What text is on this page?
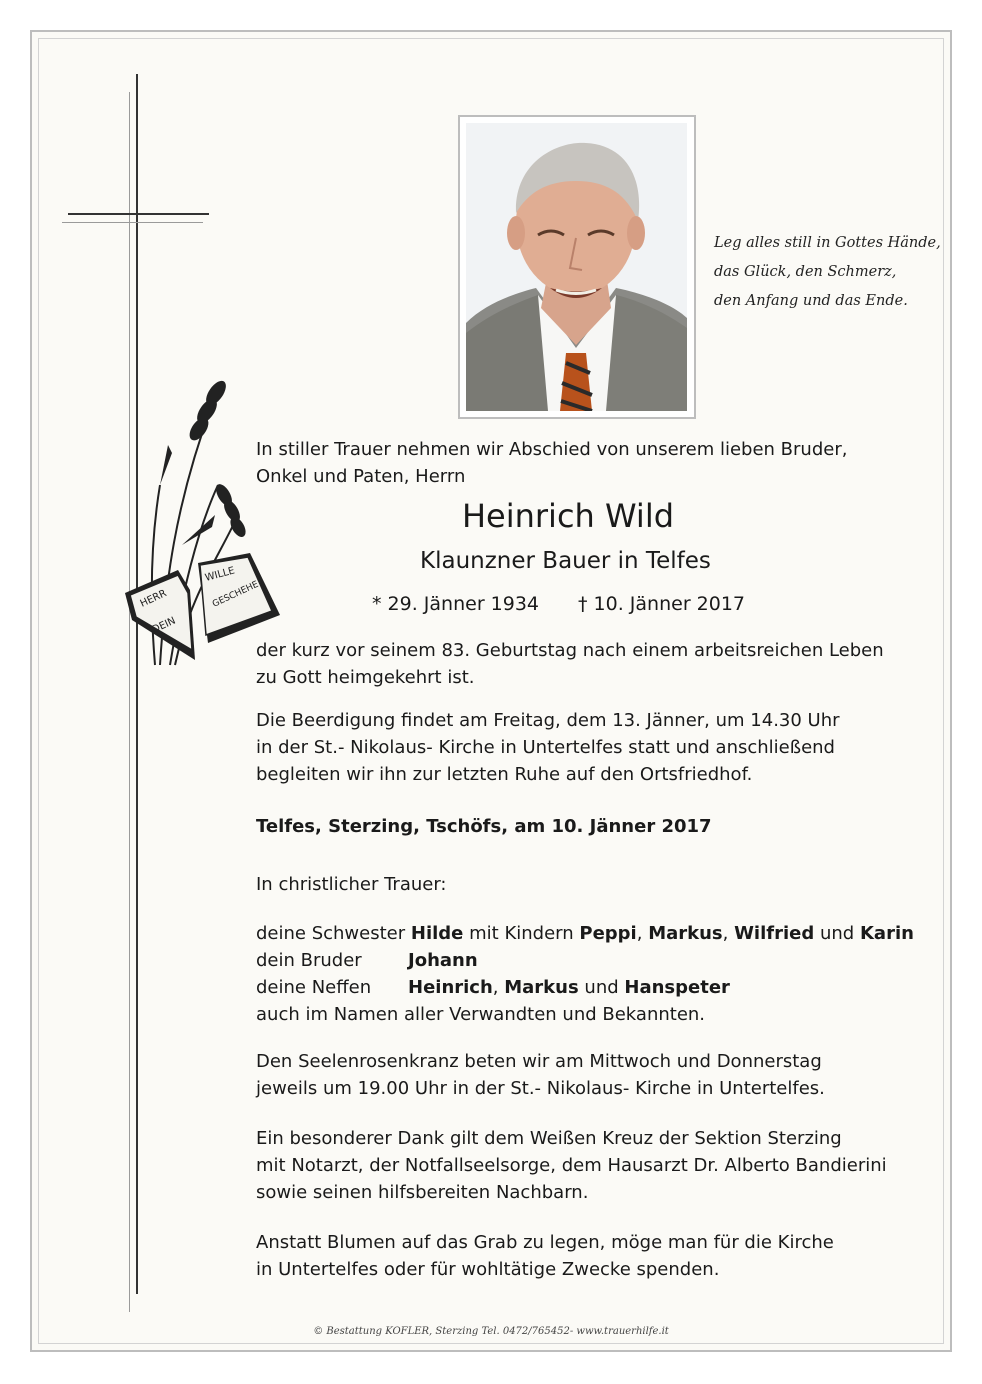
HERR
DEIN
WILLE
GESCHEHE
Leg alles still in Gottes Hände,
das Glück, den Schmerz,
den Anfang und das Ende.
In stiller Trauer nehmen wir Abschied von unserem lieben Bruder,
Onkel und Paten, Herrn
Heinrich Wild
Klaunzner Bauer in Telfes
* 29. Jänner 1934 † 10. Jänner 2017
der kurz vor seinem 83. Geburtstag nach einem arbeitsreichen Leben
zu Gott heimgekehrt ist.
Die Beerdigung findet am Freitag, dem 13. Jänner, um 14.30 Uhr
in der St.- Nikolaus- Kirche in Untertelfes statt und anschließend
begleiten wir ihn zur letzten Ruhe auf den Ortsfriedhof.
Telfes, Sterzing, Tschöfs, am 10. Jänner 2017
In christlicher Trauer:
deine Schwester Hilde mit Kindern Peppi, Markus, Wilfried und Karin
dein Bruder	Johann
deine Neffen Heinrich, Markus und Hanspeter
auch im Namen aller Verwandten und Bekannten.
Den Seelenrosenkranz beten wir am Mittwoch und Donnerstag
jeweils um 19.00 Uhr in der St.- Nikolaus- Kirche in Untertelfes.
Ein besonderer Dank gilt dem Weißen Kreuz der Sektion Sterzing
mit Notarzt, der Notfallseelsorge, dem Hausarzt Dr. Alberto Bandierini
sowie seinen hilfsbereiten Nachbarn.
Anstatt Blumen auf das Grab zu legen, möge man für die Kirche
in Untertelfes oder für wohltätige Zwecke spenden.
© Bestattung KOFLER, Sterzing Tel. 0472/765452- www.trauerhilfe.it
